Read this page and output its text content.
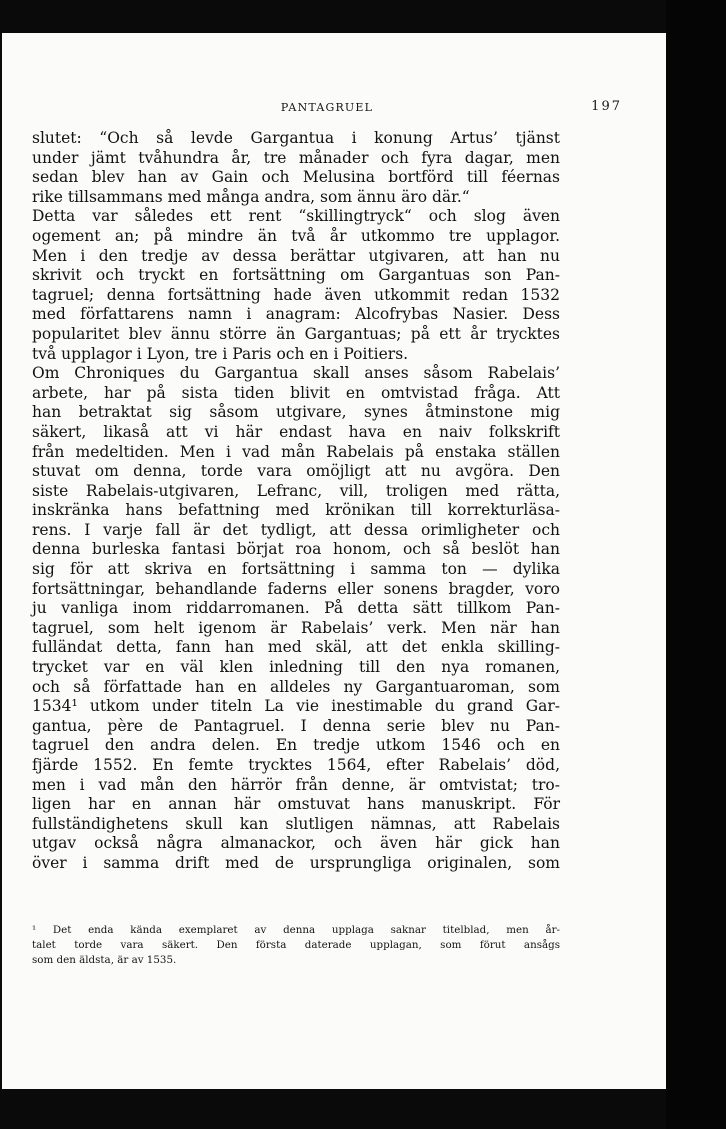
PANTAGRUEL	197
slutet: “Och så levde Gargantua i konung Artus’ tjänst
under jämt tvåhundra år, tre månader och fyra dagar, men
sedan blev han av Gain och Melusina bortförd till féernas
rike tillsammans med många andra, som ännu äro där.“
Detta var således ett rent “skillingtryck“ och slog även
ogement an; på mindre än två år utkommo tre upplagor.
Men i den tredje av dessa berättar utgivaren, att han nu
skrivit och tryckt en fortsättning om Gargantuas son Pan-
tagruel; denna fortsättning hade även utkommit redan 1532
med författarens namn i anagram: Alcofrybas Nasier. Dess
popularitet blev ännu större än Gargantuas; på ett år trycktes
två upplagor i Lyon, tre i Paris och en i Poitiers.
Om Chroniques du Gargantua skall anses såsom Rabelais’
arbete, har på sista tiden blivit en omtvistad fråga. Att
han betraktat sig såsom utgivare, synes åtminstone mig
säkert, likaså att vi här endast hava en naiv folkskrift
från medeltiden. Men i vad mån Rabelais på enstaka ställen
stuvat om denna, torde vara omöjligt att nu avgöra. Den
siste Rabelais-utgivaren, Lefranc, vill, troligen med rätta,
inskränka hans befattning med krönikan till korrekturläsa-
rens. I varje fall är det tydligt, att dessa orimligheter och
denna burleska fantasi börjat roa honom, och så beslöt han
sig för att skriva en fortsättning i samma ton — dylika
fortsättningar, behandlande faderns eller sonens bragder, voro
ju vanliga inom riddarromanen. På detta sätt tillkom Pan-
tagruel, som helt igenom är Rabelais’ verk. Men när han
fulländat detta, fann han med skäl, att det enkla skilling-
trycket var en väl klen inledning till den nya romanen,
och så författade han en alldeles ny Gargantuaroman, som
1534¹ utkom under titeln La vie inestimable du grand Gar-
gantua, père de Pantagruel. I denna serie blev nu Pan-
tagruel den andra delen. En tredje utkom 1546 och en
fjärde 1552. En femte trycktes 1564, efter Rabelais’ död,
men i vad mån den härrör från denne, är omtvistat; tro-
ligen har en annan här omstuvat hans manuskript. För
fullständighetens skull kan slutligen nämnas, att Rabelais
utgav också några almanackor, och även här gick han
över i samma drift med de ursprungliga originalen, som
¹ Det enda kända exemplaret av denna upplaga saknar titelblad, men år-
talet torde vara säkert. Den första daterade upplagan, som förut ansågs
som den äldsta, är av 1535.
